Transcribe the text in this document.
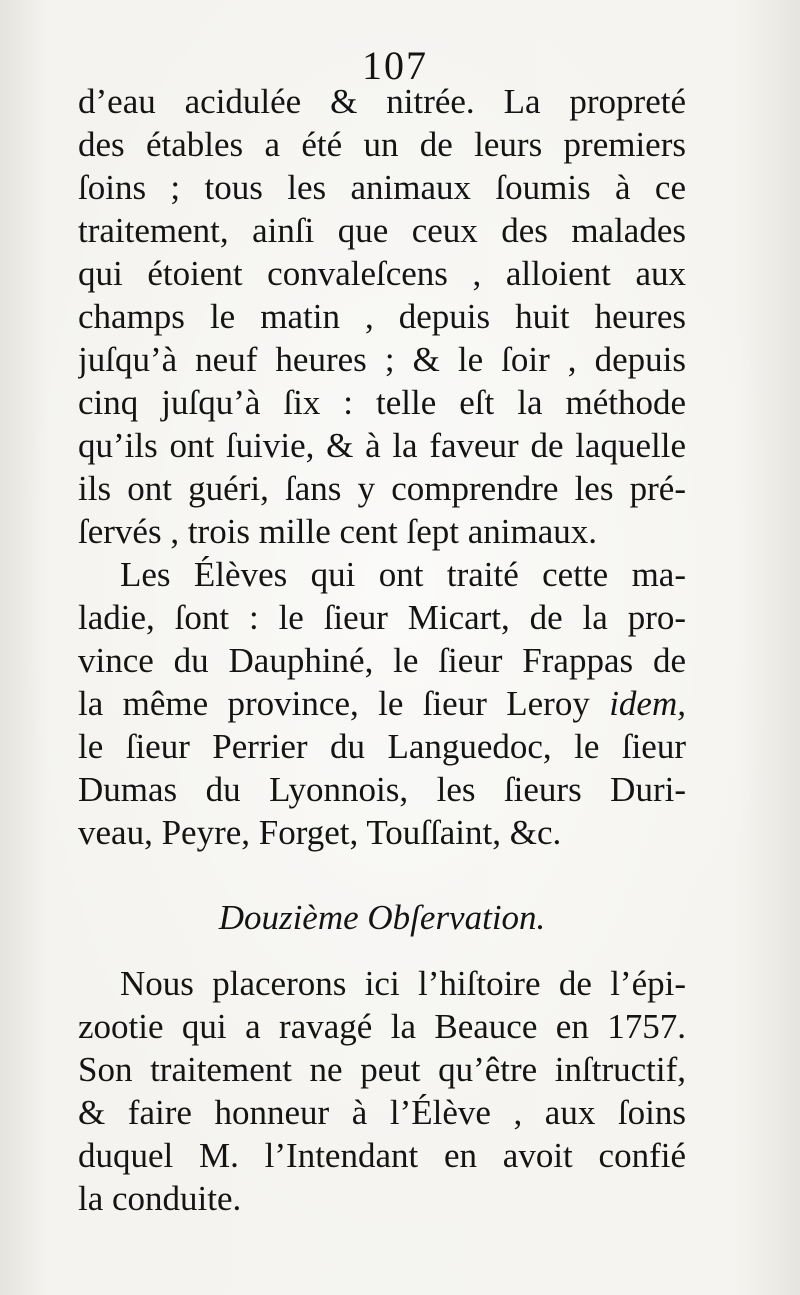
107
d’eau acidulée & nitrée. La propreté
des étables a été un de leurs premiers
ſoins ; tous les animaux ſoumis à ce
traitement, ainſi que ceux des malades
qui étoient convaleſcens , alloient aux
champs le matin , depuis huit heures
juſqu’à neuf heures ; & le ſoir , depuis
cinq juſqu’à ſix : telle eſt la méthode
qu’ils ont ſuivie, & à la faveur de laquelle
ils ont guéri, ſans y comprendre les pré-
ſervés , trois mille cent ſept animaux.
Les Élèves qui ont traité cette ma-
ladie, ſont : le ſieur Micart, de la pro-
vince du Dauphiné, le ſieur Frappas de
la même province, le ſieur Leroy idem,
le ſieur Perrier du Languedoc, le ſieur
Dumas du Lyonnois, les ſieurs Duri-
veau, Peyre, Forget, Touſſaint, &c.
Douzième Obſervation.
Nous placerons ici l’hiſtoire de l’épi-
zootie qui a ravagé la Beauce en 1757.
Son traitement ne peut qu’être inſtructif,
& faire honneur à l’Élève , aux ſoins
duquel M. l’Intendant en avoit confié
la conduite.
